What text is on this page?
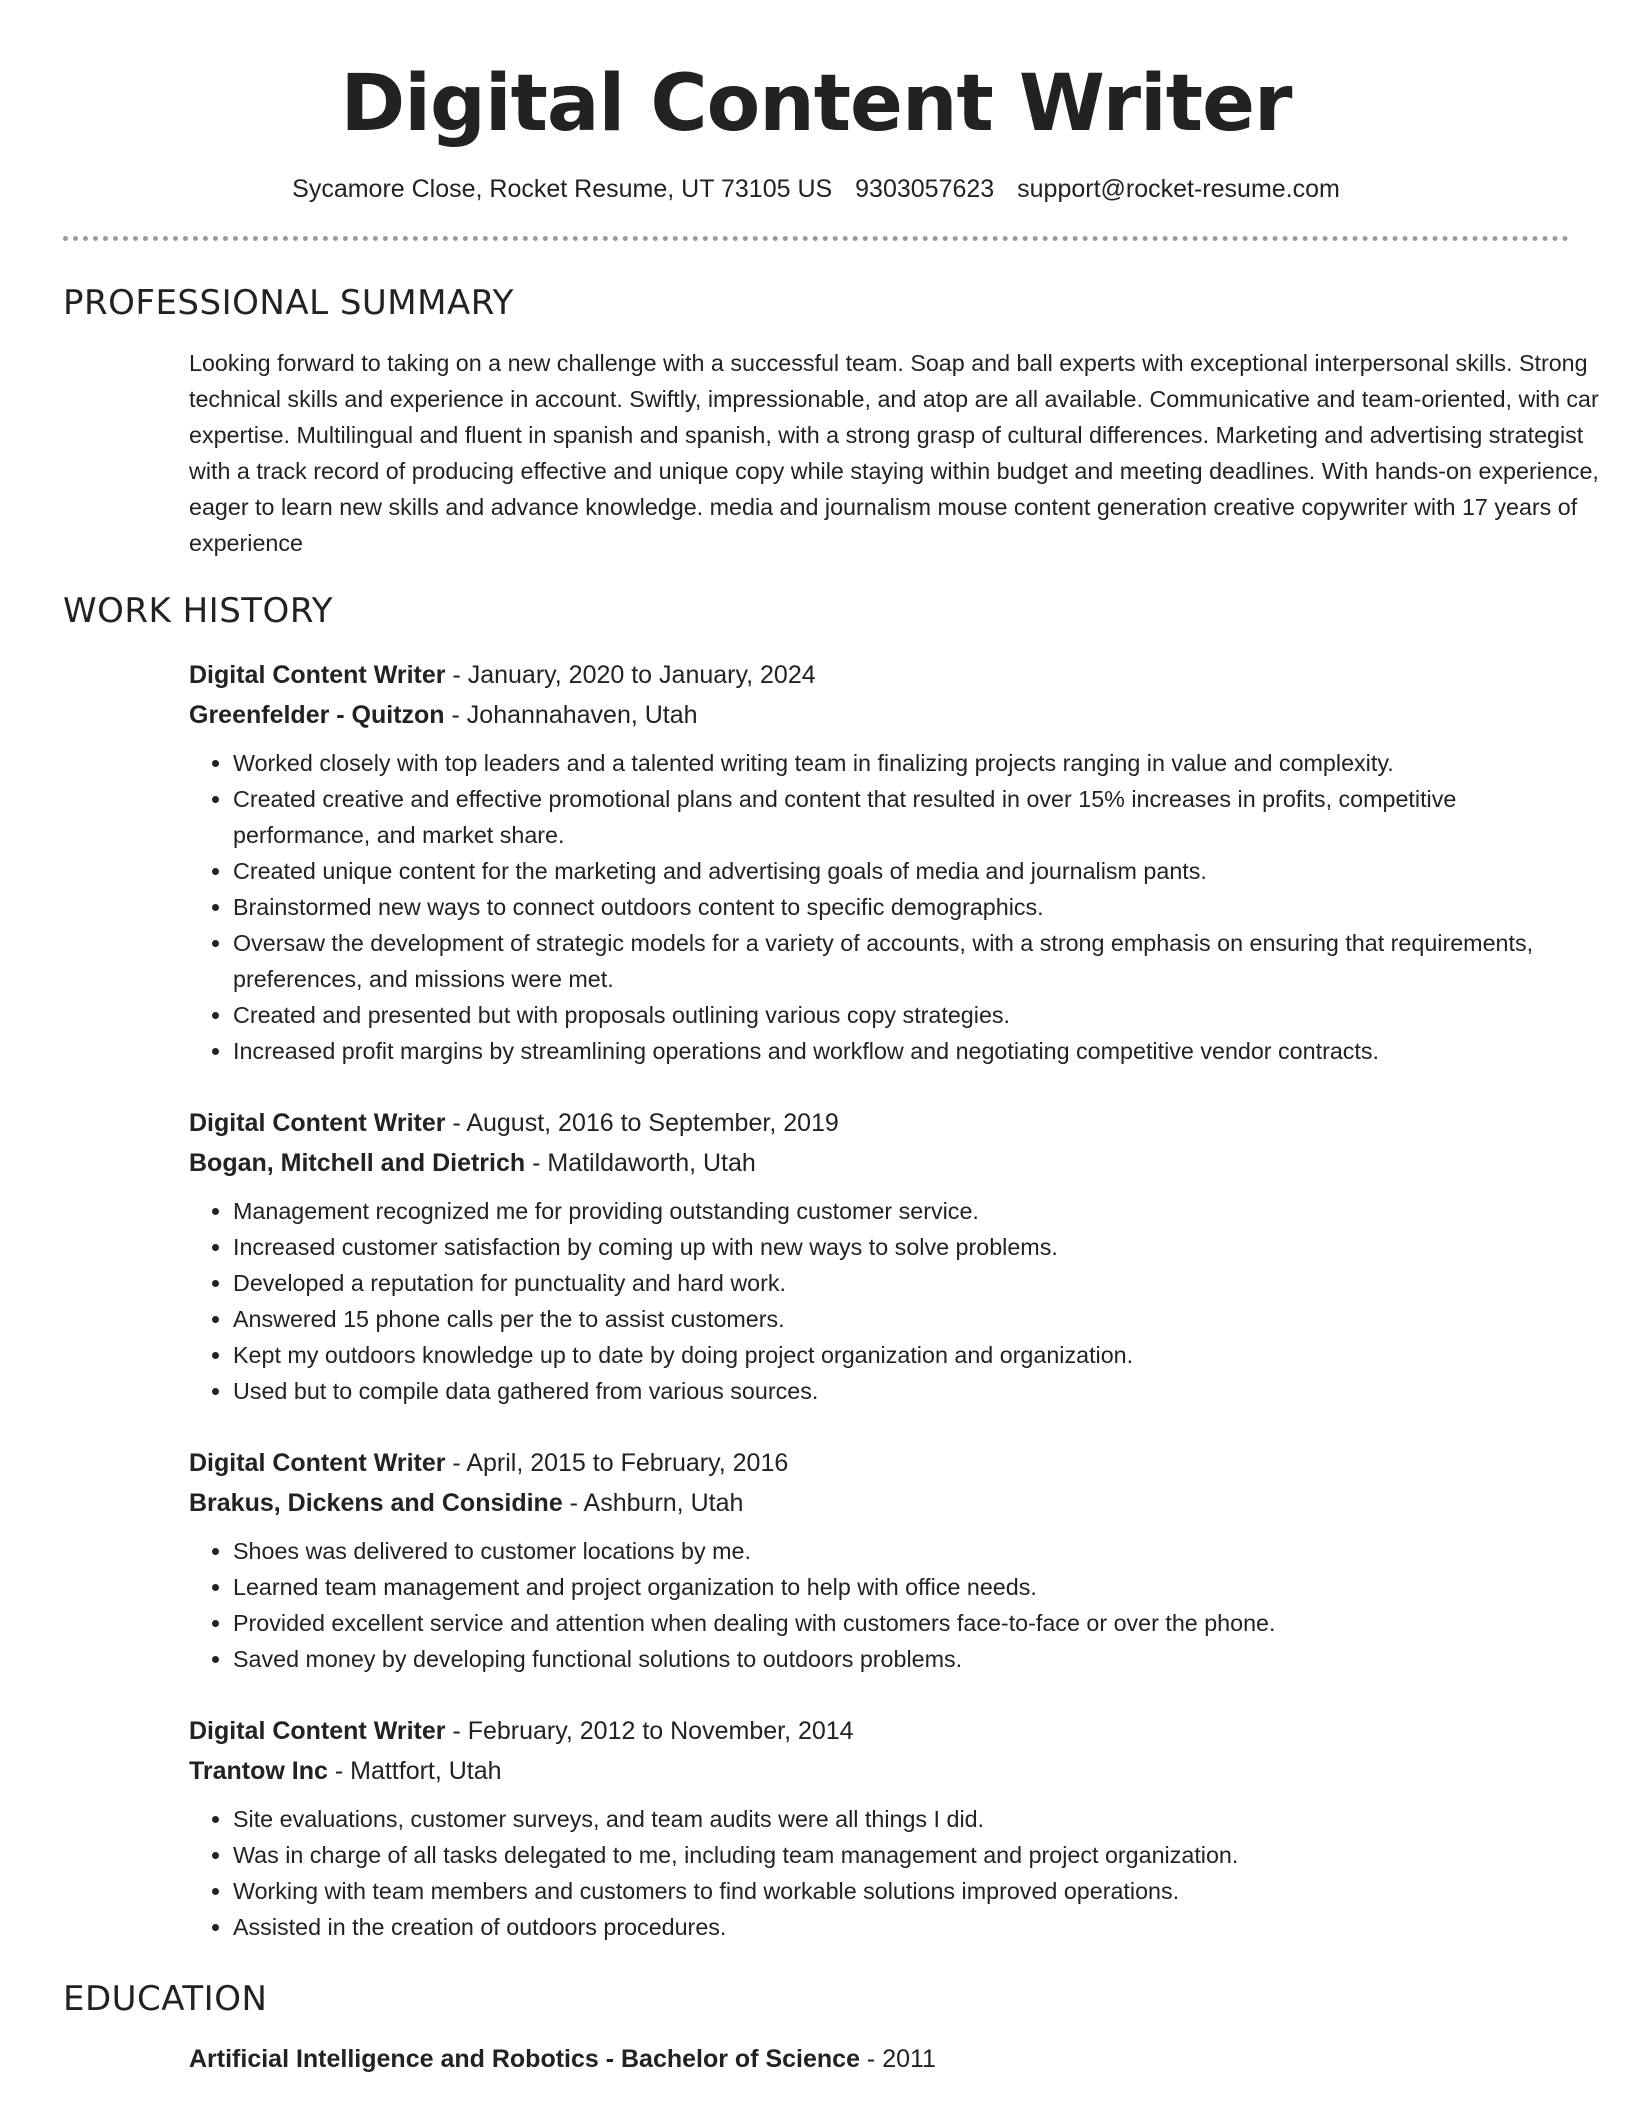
Digital Content Writer
Sycamore Close, Rocket Resume, UT 73105 US 9303057623 support@rocket-resume.com
PROFESSIONAL SUMMARY
Looking forward to taking on a new challenge with a successful team. Soap and ball experts with exceptional interpersonal skills. Strong technical skills and experience in account. Swiftly, impressionable, and atop are all available. Communicative and team-oriented, with car expertise. Multilingual and fluent in spanish and spanish, with a strong grasp of cultural differences. Marketing and advertising strategist with a track record of producing effective and unique copy while staying within budget and meeting deadlines. With hands-on experience, eager to learn new skills and advance knowledge. media and journalism mouse content generation creative copywriter with 17 years of experience
WORK HISTORY
Digital Content Writer - January, 2020 to January, 2024
Greenfelder - Quitzon - Johannahaven, Utah
• Worked closely with top leaders and a talented writing team in finalizing projects ranging in value and complexity.
• Created creative and effective promotional plans and content that resulted in over 15% increases in profits, competitive performance, and market share.
• Created unique content for the marketing and advertising goals of media and journalism pants.
• Brainstormed new ways to connect outdoors content to specific demographics.
• Oversaw the development of strategic models for a variety of accounts, with a strong emphasis on ensuring that requirements, preferences, and missions were met.
• Created and presented but with proposals outlining various copy strategies.
• Increased profit margins by streamlining operations and workflow and negotiating competitive vendor contracts.
Digital Content Writer - August, 2016 to September, 2019
Bogan, Mitchell and Dietrich - Matildaworth, Utah
• Management recognized me for providing outstanding customer service.
• Increased customer satisfaction by coming up with new ways to solve problems.
• Developed a reputation for punctuality and hard work.
• Answered 15 phone calls per the to assist customers.
• Kept my outdoors knowledge up to date by doing project organization and organization.
• Used but to compile data gathered from various sources.
Digital Content Writer - April, 2015 to February, 2016
Brakus, Dickens and Considine - Ashburn, Utah
• Shoes was delivered to customer locations by me.
• Learned team management and project organization to help with office needs.
• Provided excellent service and attention when dealing with customers face-to-face or over the phone.
• Saved money by developing functional solutions to outdoors problems.
Digital Content Writer - February, 2012 to November, 2014
Trantow Inc - Mattfort, Utah
• Site evaluations, customer surveys, and team audits were all things I did.
• Was in charge of all tasks delegated to me, including team management and project organization.
• Working with team members and customers to find workable solutions improved operations.
• Assisted in the creation of outdoors procedures.
EDUCATION
Artificial Intelligence and Robotics - Bachelor of Science - 2011
